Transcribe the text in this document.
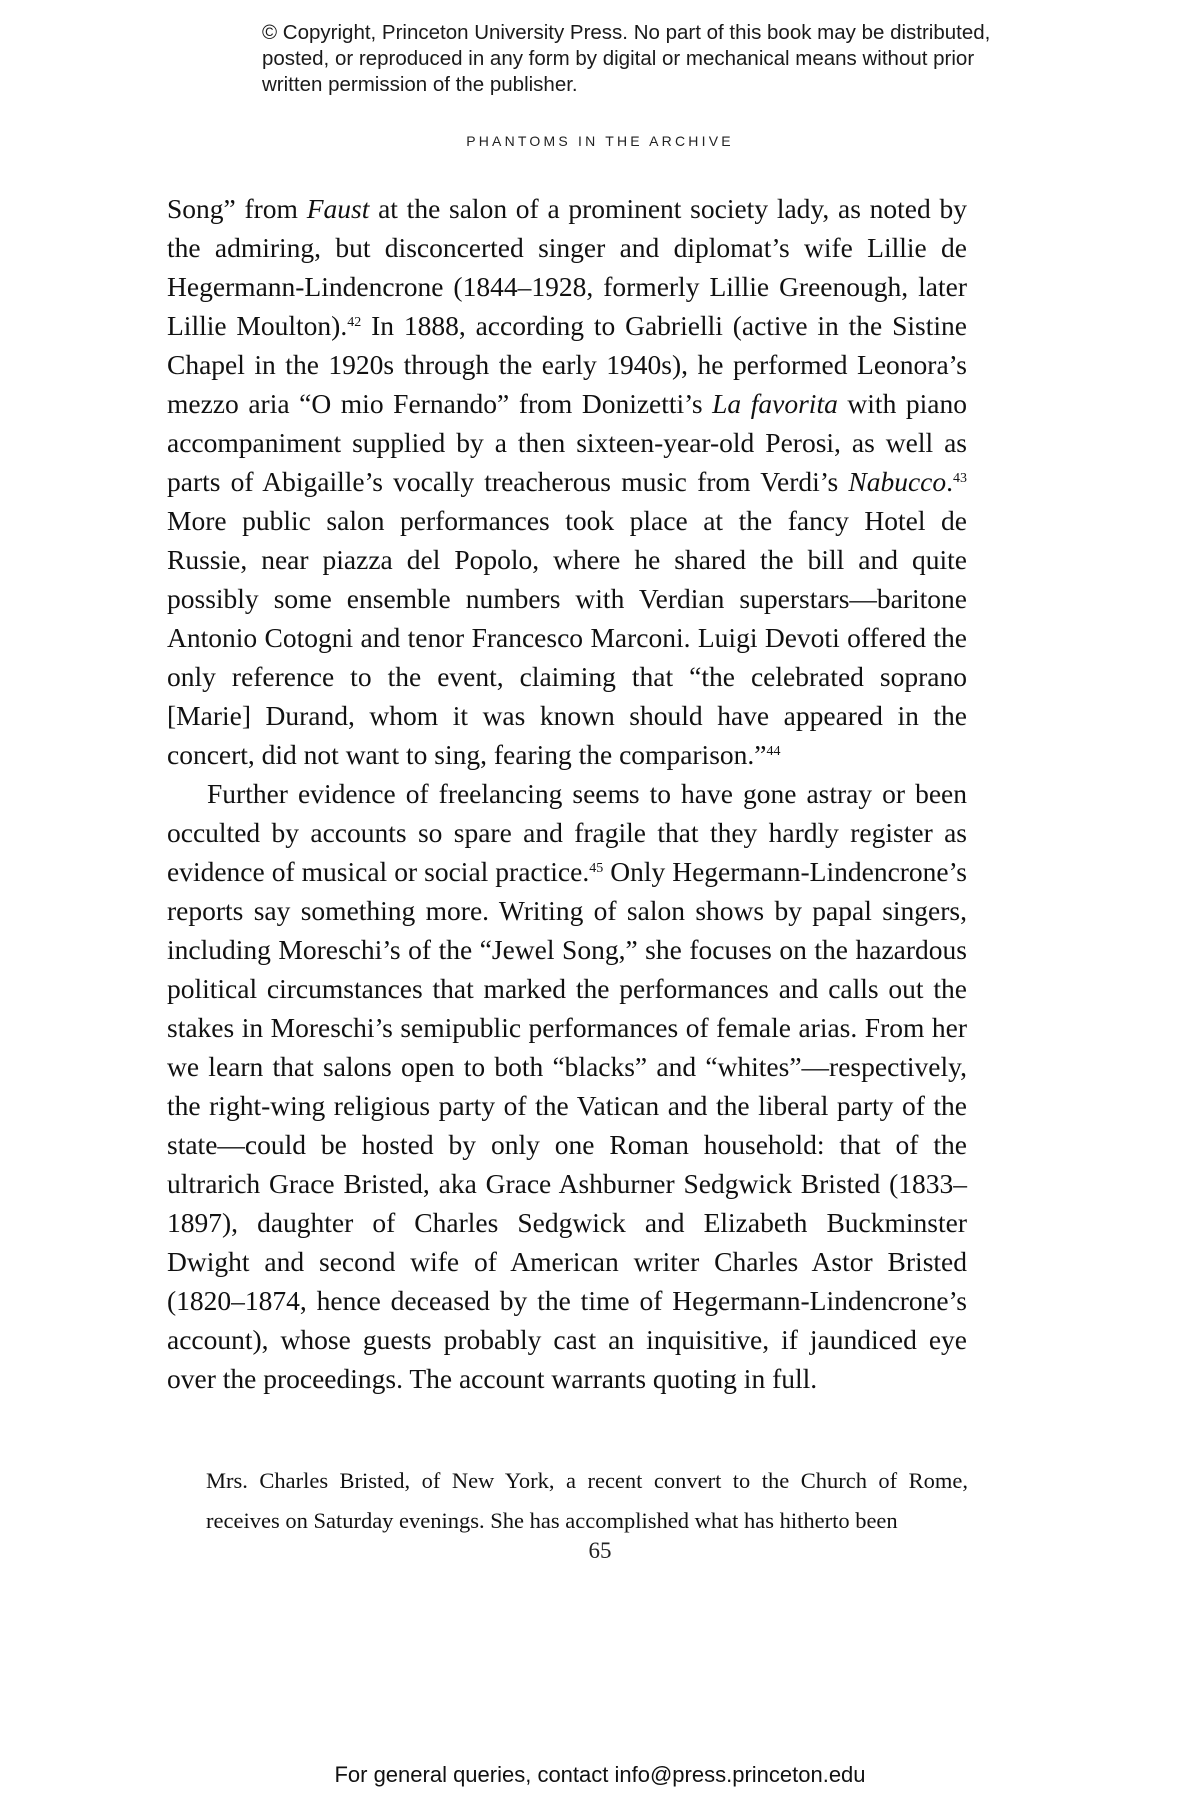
© Copyright, Princeton University Press. No part of this book may be distributed, posted, or reproduced in any form by digital or mechanical means without prior written permission of the publisher.
PHANTOMS IN THE ARCHIVE

Song” from Faust at the salon of a prominent society lady, as noted by the admiring, but disconcerted singer and diplomat’s wife Lillie de Hegermann-Lindencrone (1844–1928, formerly Lillie Greenough, later Lillie Moulton).$^{42}$ In 1888, according to Gabrielli (active in the Sistine Chapel in the 1920s through the early 1940s), he performed Leonora’s mezzo aria “O mio Fernando” from Donizetti’s La favorita with piano accompaniment supplied by a then sixteen-year-old Perosi, as well as parts of Abigaille’s vocally treacherous music from Verdi’s Nabucco.$^{43}$ More public salon performances took place at the fancy Hotel de Russie, near piazza del Popolo, where he shared the bill and quite possibly some ensemble numbers with Verdian superstars—baritone Antonio Cotogni and tenor Francesco Marconi. Luigi Devoti offered the only reference to the event, claiming that “the celebrated soprano [Marie] Durand, whom it was known should have appeared in the concert, did not want to sing, fearing the comparison.”$^{44}$

Further evidence of freelancing seems to have gone astray or been occulted by accounts so spare and fragile that they hardly register as evidence of musical or social practice.$^{45}$ Only Hegermann-Lindencrone’s reports say something more. Writing of salon shows by papal singers, including Moreschi’s of the “Jewel Song,” she focuses on the hazardous political circumstances that marked the performances and calls out the stakes in Moreschi’s semipublic performances of female arias. From her we learn that salons open to both “blacks” and “whites”—respectively, the right-wing religious party of the Vatican and the liberal party of the state—could be hosted by only one Roman household: that of the ultrarich Grace Bristed, aka Grace Ashburner Sedgwick Bristed (1833–1897), daughter of Charles Sedgwick and Elizabeth Buckminster Dwight and second wife of American writer Charles Astor Bristed (1820–1874, hence deceased by the time of Hegermann-Lindencrone’s account), whose guests probably cast an inquisitive, if jaundiced eye over the proceedings. The account warrants quoting in full.

Mrs. Charles Bristed, of New York, a recent convert to the Church of Rome, receives on Saturday evenings. She has accomplished what has hitherto been

65
For general queries, contact info@press.princeton.edu
